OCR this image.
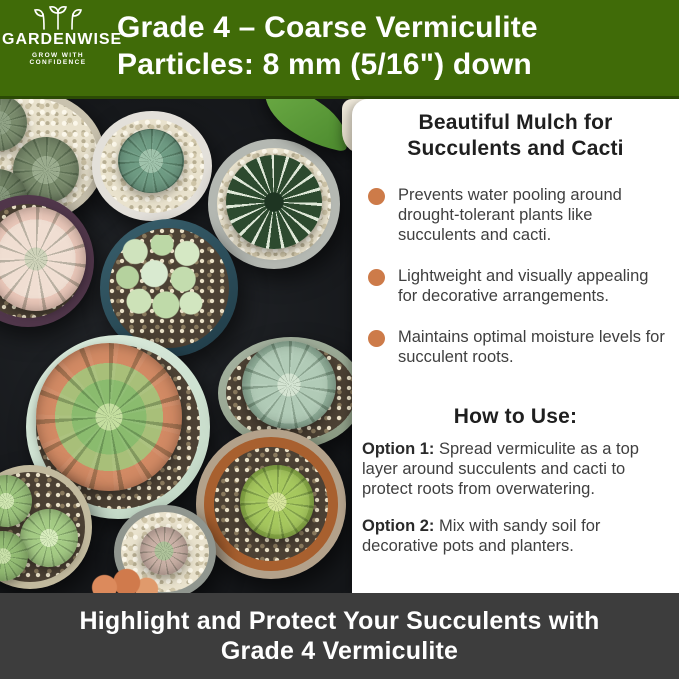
GARDENWISE
GROW WITH CONFIDENCE
Grade 4 – Coarse Vermiculite
Particles: 8 mm (5/16") down
Beautiful Mulch for
Succulents and Cacti

Prevents water pooling around drought-tolerant plants like succulents and cacti.

Lightweight and visually appealing for decorative arrangements.

Maintains optimal moisture levels for succulent roots.

How to Use:

Option 1: Spread vermiculite as a top layer around succulents and cacti to protect roots from overwatering.

Option 2: Mix with sandy soil for decorative pots and planters.

Highlight and Protect Your Succulents with
Grade 4 Vermiculite
